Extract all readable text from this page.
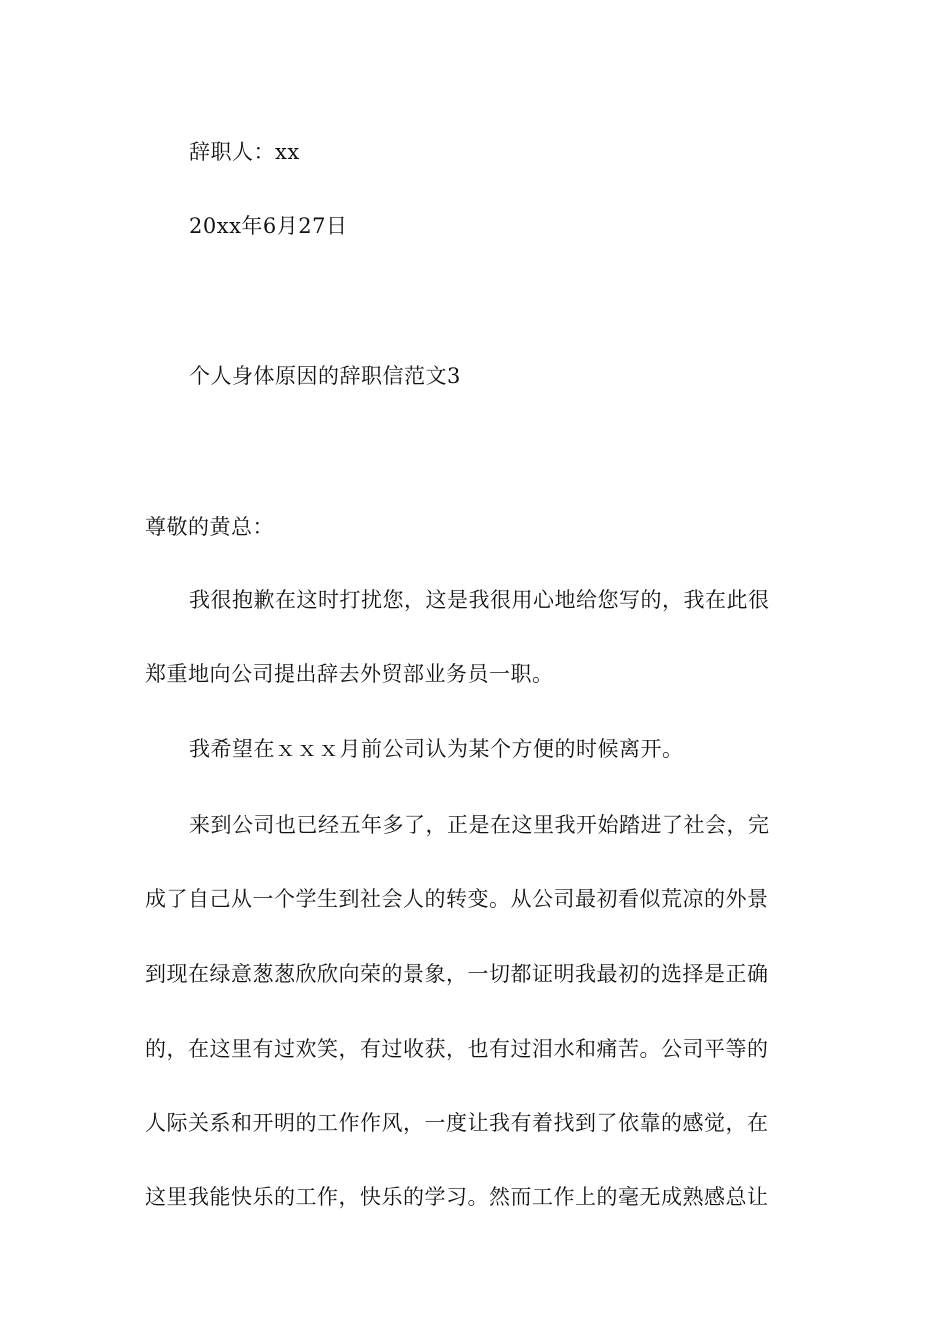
辞职人：xx
20xx年6月27日
个人身体原因的辞职信范文3
尊敬的黄总：
我很抱歉在这时打扰您，这是我很用心地给您写的，我在此很
郑重地向公司提出辞去外贸部业务员一职。
我希望在ｘｘｘ月前公司认为某个方便的时候离开。
来到公司也已经五年多了，正是在这里我开始踏进了社会，完
成了自己从一个学生到社会人的转变。从公司最初看似荒凉的外景
到现在绿意葱葱欣欣向荣的景象，一切都证明我最初的选择是正确
的，在这里有过欢笑，有过收获，也有过泪水和痛苦。公司平等的
人际关系和开明的工作作风，一度让我有着找到了依靠的感觉，在
这里我能快乐的工作，快乐的学习。然而工作上的毫无成熟感总让
